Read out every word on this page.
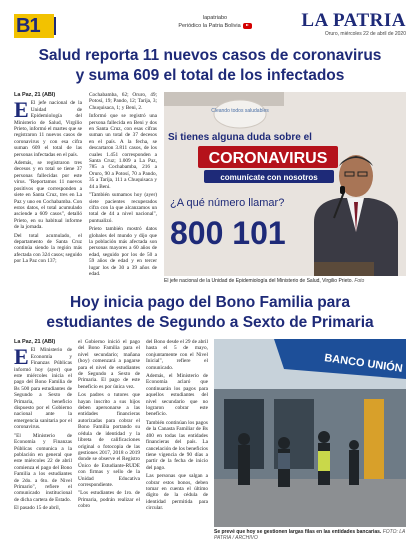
B1	lapatriabo
Periódico la Patria Bolivia	LA PATRIA
Oruro, miércoles 22 de abril de 2020
Salud reporta 11 nuevos casos de coronavirus
y suma 609 el total de los infectados
La Paz, 21 (ABI)

E El jefe nacional de la Unidad de Epidemiología del Ministerio de Salud, Virgilio Prieto, informó el martes que se registraron 11 nuevos casos de coronavirus y con esa cifra suman 609 el total de las personas infectadas en el país.

Además, se registraron tres decesos y en total se tiene 37 personas fallecidas por este virus. "Reportamos 11 nuevos positivos que corresponden a siete en Santa Cruz, tres en La Paz y uno en Cochabamba. Con estos datos, el total acumulado asciende a 609 casos", detalló Prieto, en su habitual informe de la jornada.

Del total acumulado, el departamento de Santa Cruz continúa siendo la región más afectada con 324 casos; seguido por La Paz con 137;

Cochabamba, 62; Oruro, 49; Potosí, 19; Pando, 12; Tarija, 3; Chuquisaca, 1; y Beni, 2.

Informó que se registró una persona fallecida en Beni y dos en Santa Cruz, con esas cifras suman un total de 37 decesos en el país. A la fecha, se descartaron 3.811 casos, de los cuales 1.451 corresponden a Santa Cruz; 1.009 a La Paz, 785 a Cochabamba, 216 a Oruro, 90 a Potosí, 70 a Pando, 35 a Tarija, 111 a Chuquisaca y 44 a Beni.

"También sumamos hoy (ayer) siete pacientes recuperados cifra con la que alcanzamos un total de 44 a nivel nacional", puntualizó.

Prieto también mostró datos globales del mundo y dijo que la población más afectada son personas mayores a 60 años de edad, seguido por los de 50 a 59 años de edad y en tercer lugar los de 30 a 39 años de edad.

Cleando todos saludables
Si tienes alguna duda sobre el
CORONAVIRUS
comunícate con nosotros
¿A qué número llamar?
800 101
El jefe nacional de la Unidad de Epidemiología del Ministerio de Salud, Virgilio Prieto. Foto
Hoy inicia pago del Bono Familia para
estudiantes de Segundo a Sexto de Primaria
La Paz, 21 (ABI)

E El Ministerio de Economía y Finanzas Públicas informó hoy (ayer) que este miércoles inicia el pago del Bono Familia de Bs 500 para estudiantes de Segundo a Sexto de Primaria, beneficio dispuesto por el Gobierno nacional ante la emergencia sanitaria por el coronavirus.

"El Ministerio de Economía y Finanzas Públicas comunica a la población en general que este miércoles 22 de abril comienza el pago del Bono Familia a los estudiantes de 2do. a 6to. de Nivel Primario", refiere el comunicado institucional de dicha cartera de Estado.

El pasado 15 de abril,

el Gobierno inició el pago del Bono Familia para el nivel secundario; mañana (hoy) comenzará a pagarse para el nivel de estudiantes de Segundo a Sexto de Primaria. El pago de este beneficio es por única vez.

Los padres o tutores que hayan inscrito a sus hijos deben apersonarse a las entidades financieras autorizadas para cobrar el Bono Familia portando su cédula de identidad y la libreta de calificaciones original o fotocopia de las gestiones 2017, 2018 o 2019 donde se observe el Registro Único de Estudiante-RUDE con firmas y sello de la Unidad Educativa correspondiente.

"Los estudiantes de 1ro. de Primaria, podrán realizar el cobro

del Bono desde el 29 de abril hasta el 5 de mayo, conjuntamente con el Nivel Inicial", refiere el comunicado.

Además, el Ministerio de Economía aclaró que continuarán los pagos para aquellos estudiantes del nivel secundario que no lograron cobrar este beneficio.

También continúan los pagos de la Canasta Familiar de Bs 400 en todas las entidades financieras del país. La cancelación de los beneficios tiene vigencia de 90 días a partir de la fecha de inicio del pago.

Las personas que salgan a cobrar estos bonos, deben tomar en cuenta el último dígito de la cédula de identidad permitida para circular.

BANCO UNIÓN
Se prevé que hoy se gestionen largas filas en las entidades bancarias. FOTO: LA PATRIA / ARCHIVO
